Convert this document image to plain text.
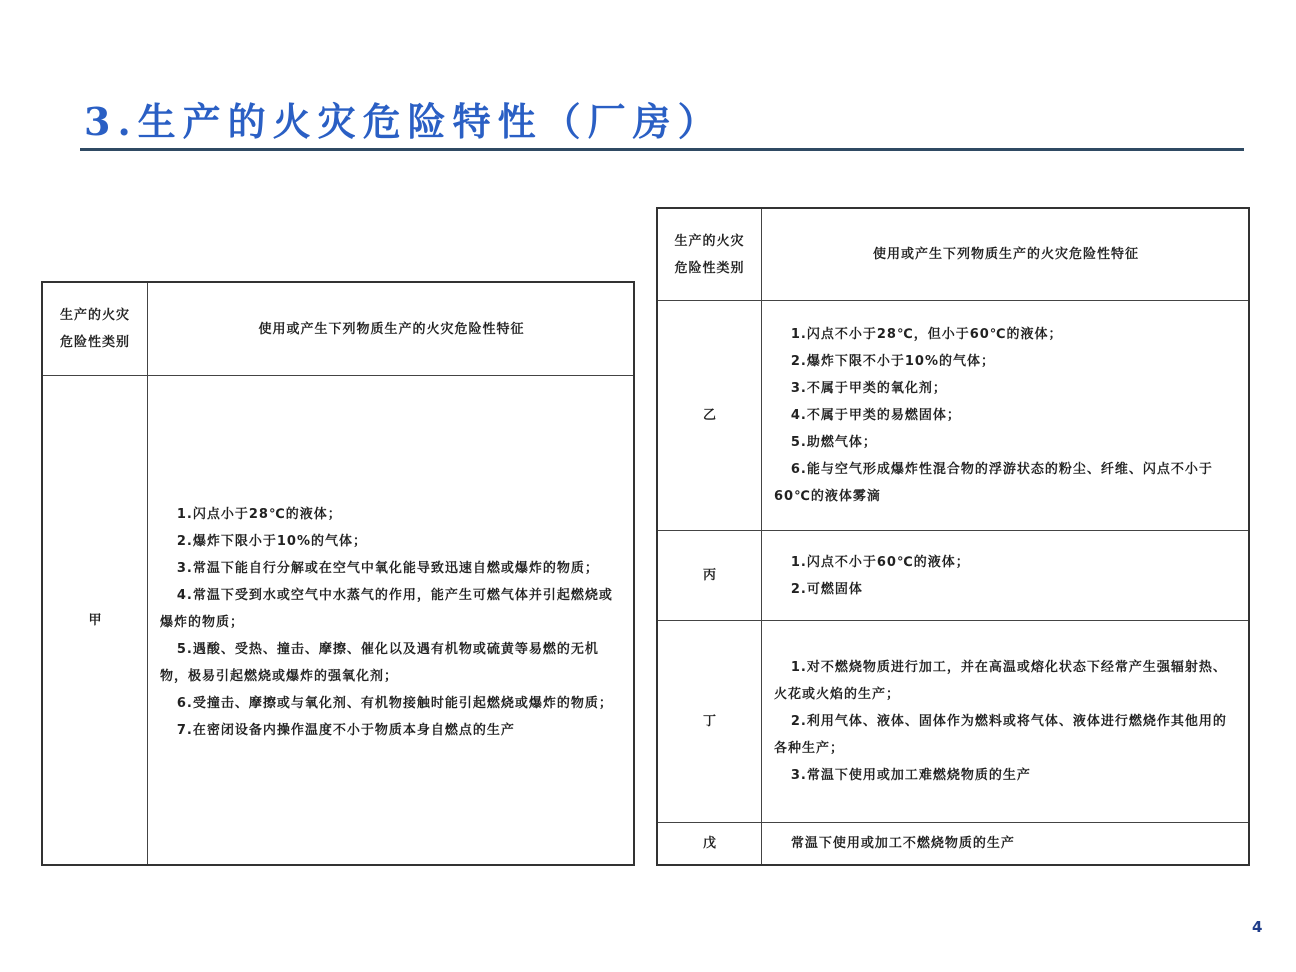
3.生产的火灾危险特性（厂房）
生产的火灾
危险性类别
使用或产生下列物质生产的火灾危险性特征
甲

1.闪点小于28℃的液体；

2.爆炸下限小于10%的气体；

3.常温下能自行分解或在空气中氧化能导致迅速自燃或爆炸的物质；

4.常温下受到水或空气中水蒸气的作用，能产生可燃气体并引起燃烧或爆炸的物质；

5.遇酸、受热、撞击、摩擦、催化以及遇有机物或硫黄等易燃的无机物，极易引起燃烧或爆炸的强氧化剂；

6.受撞击、摩擦或与氧化剂、有机物接触时能引起燃烧或爆炸的物质；

7.在密闭设备内操作温度不小于物质本身自燃点的生产

生产的火灾
危险性类别
使用或产生下列物质生产的火灾危险性特征
乙

1.闪点不小于28℃，但小于60℃的液体；

2.爆炸下限不小于10%的气体；

3.不属于甲类的氧化剂；

4.不属于甲类的易燃固体；

5.助燃气体；

6.能与空气形成爆炸性混合物的浮游状态的粉尘、纤维、闪点不小于60℃的液体雾滴

丙

1.闪点不小于60℃的液体；

2.可燃固体

丁

1.对不燃烧物质进行加工，并在高温或熔化状态下经常产生强辐射热、火花或火焰的生产；

2.利用气体、液体、固体作为燃料或将气体、液体进行燃烧作其他用的各种生产；

3.常温下使用或加工难燃烧物质的生产

戊	常温下使用或加工不燃烧物质的生产

4
